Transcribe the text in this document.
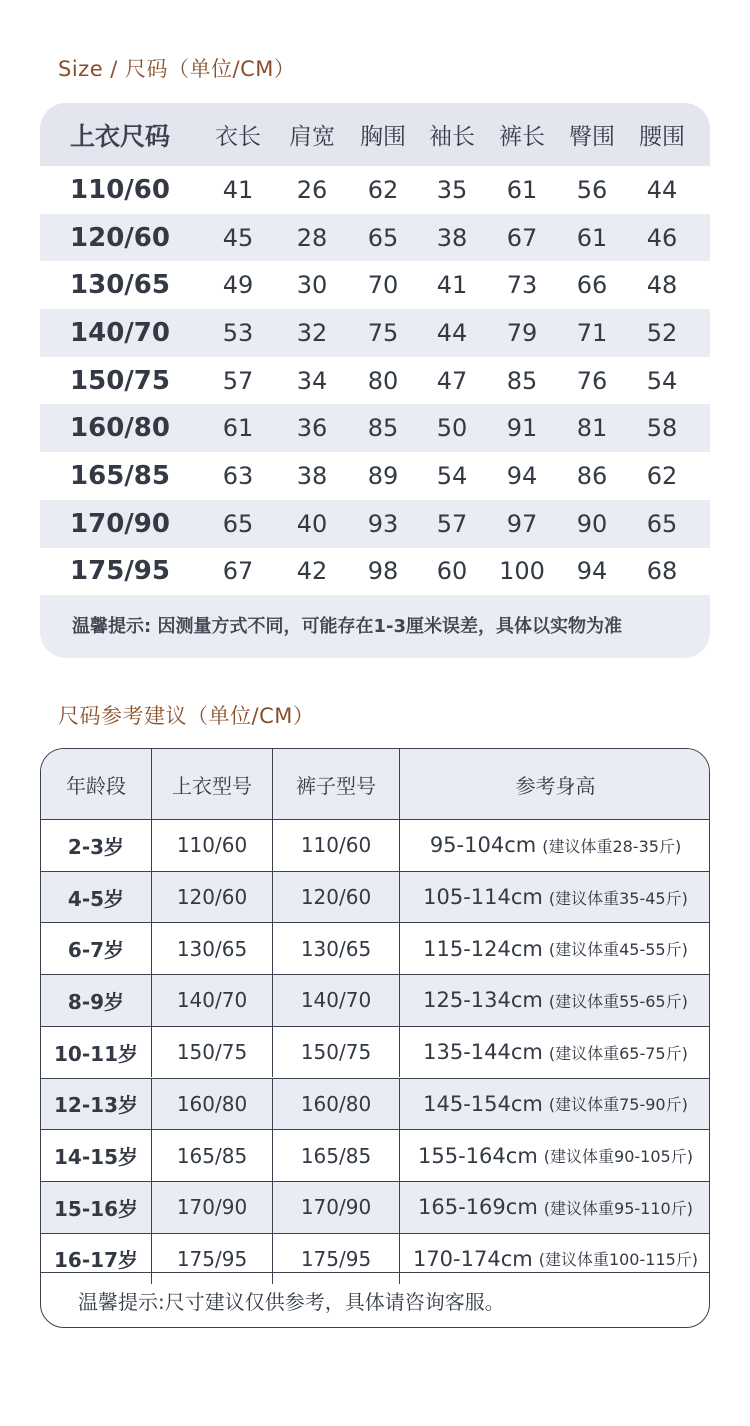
Size / 尺码（单位/CM）
上衣尺码	衣长	肩宽	胸围	袖长	裤长	臀围	腰围
110/60	41	26	62	35	61	56	44
120/60	45	28	65	38	67	61	46
130/65	49	30	70	41	73	66	48
140/70	53	32	75	44	79	71	52
150/75	57	34	80	47	85	76	54
160/80	61	36	85	50	91	81	58
165/85	63	38	89	54	94	86	62
170/90	65	40	93	57	97	90	65
175/95	67	42	98	60	100	94	68
温馨提示: 因测量方式不同，可能存在1-3厘米误差，具体以实物为准
尺码参考建议（单位/CM）
年龄段	上衣型号	裤子型号	参考身高
2-3岁	110/60	110/60	95-104cm (建议体重28-35斤)
4-5岁	120/60	120/60	105-114cm (建议体重35-45斤)
6-7岁	130/65	130/65	115-124cm (建议体重45-55斤)
8-9岁	140/70	140/70	125-134cm (建议体重55-65斤)
10-11岁	150/75	150/75	135-144cm (建议体重65-75斤)
12-13岁	160/80	160/80	145-154cm (建议体重75-90斤)
14-15岁	165/85	165/85	155-164cm (建议体重90-105斤)
15-16岁	170/90	170/90	165-169cm (建议体重95-110斤)
16-17岁	175/95	175/95	170-174cm (建议体重100-115斤)
温馨提示:尺寸建议仅供参考，具体请咨询客服。
